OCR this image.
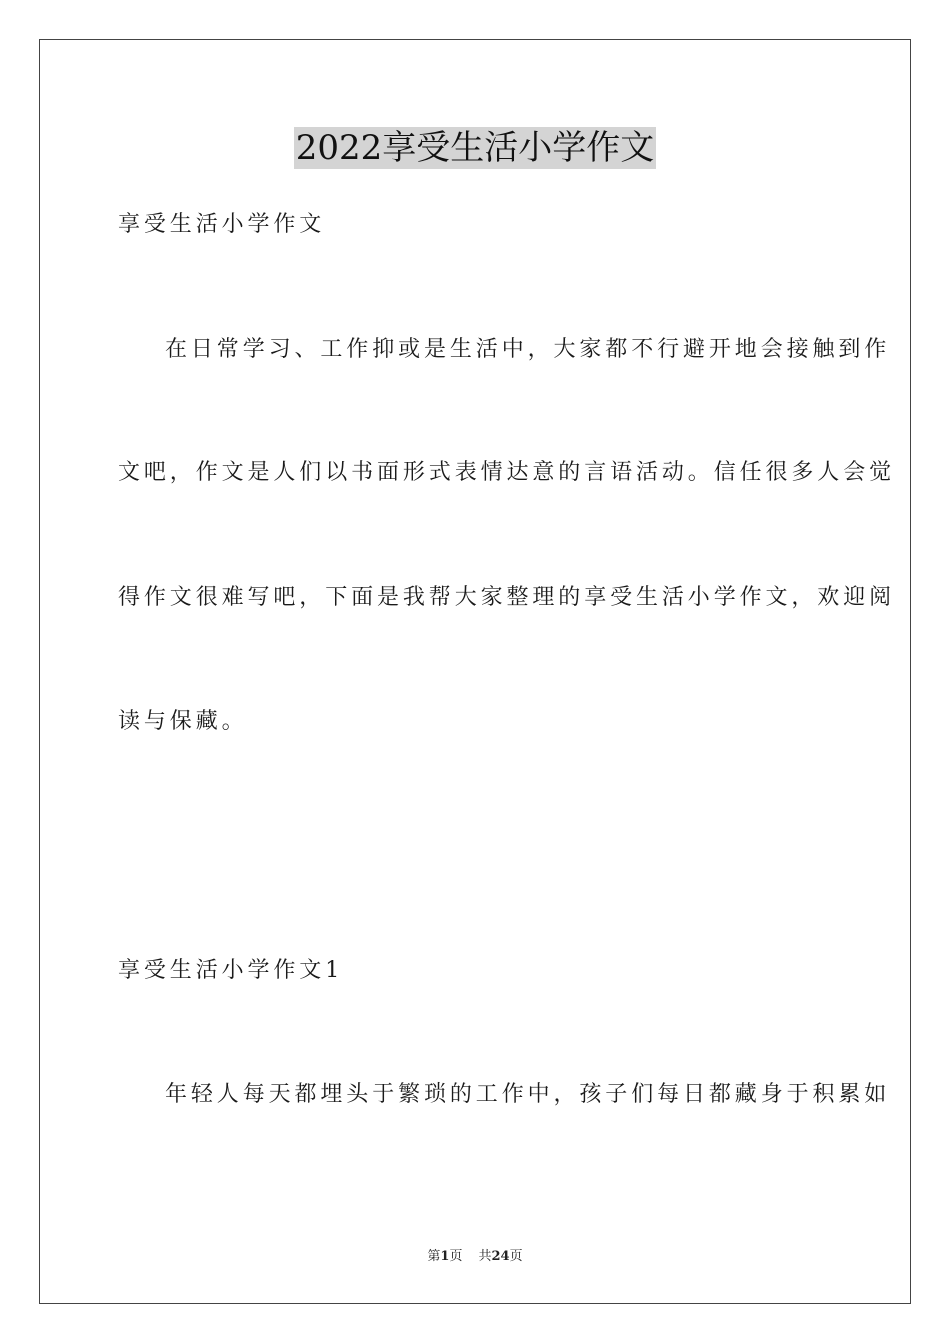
2022享受生活小学作文
享受生活小学作文
在日常学习、工作抑或是生活中，大家都不行避开地会接触到作
文吧，作文是人们以书面形式表情达意的言语活动。信任很多人会觉
得作文很难写吧，下面是我帮大家整理的享受生活小学作文，欢迎阅
读与保藏。
享受生活小学作文1
年轻人每天都埋头于繁琐的工作中，孩子们每日都藏身于积累如
第1页 共24页
